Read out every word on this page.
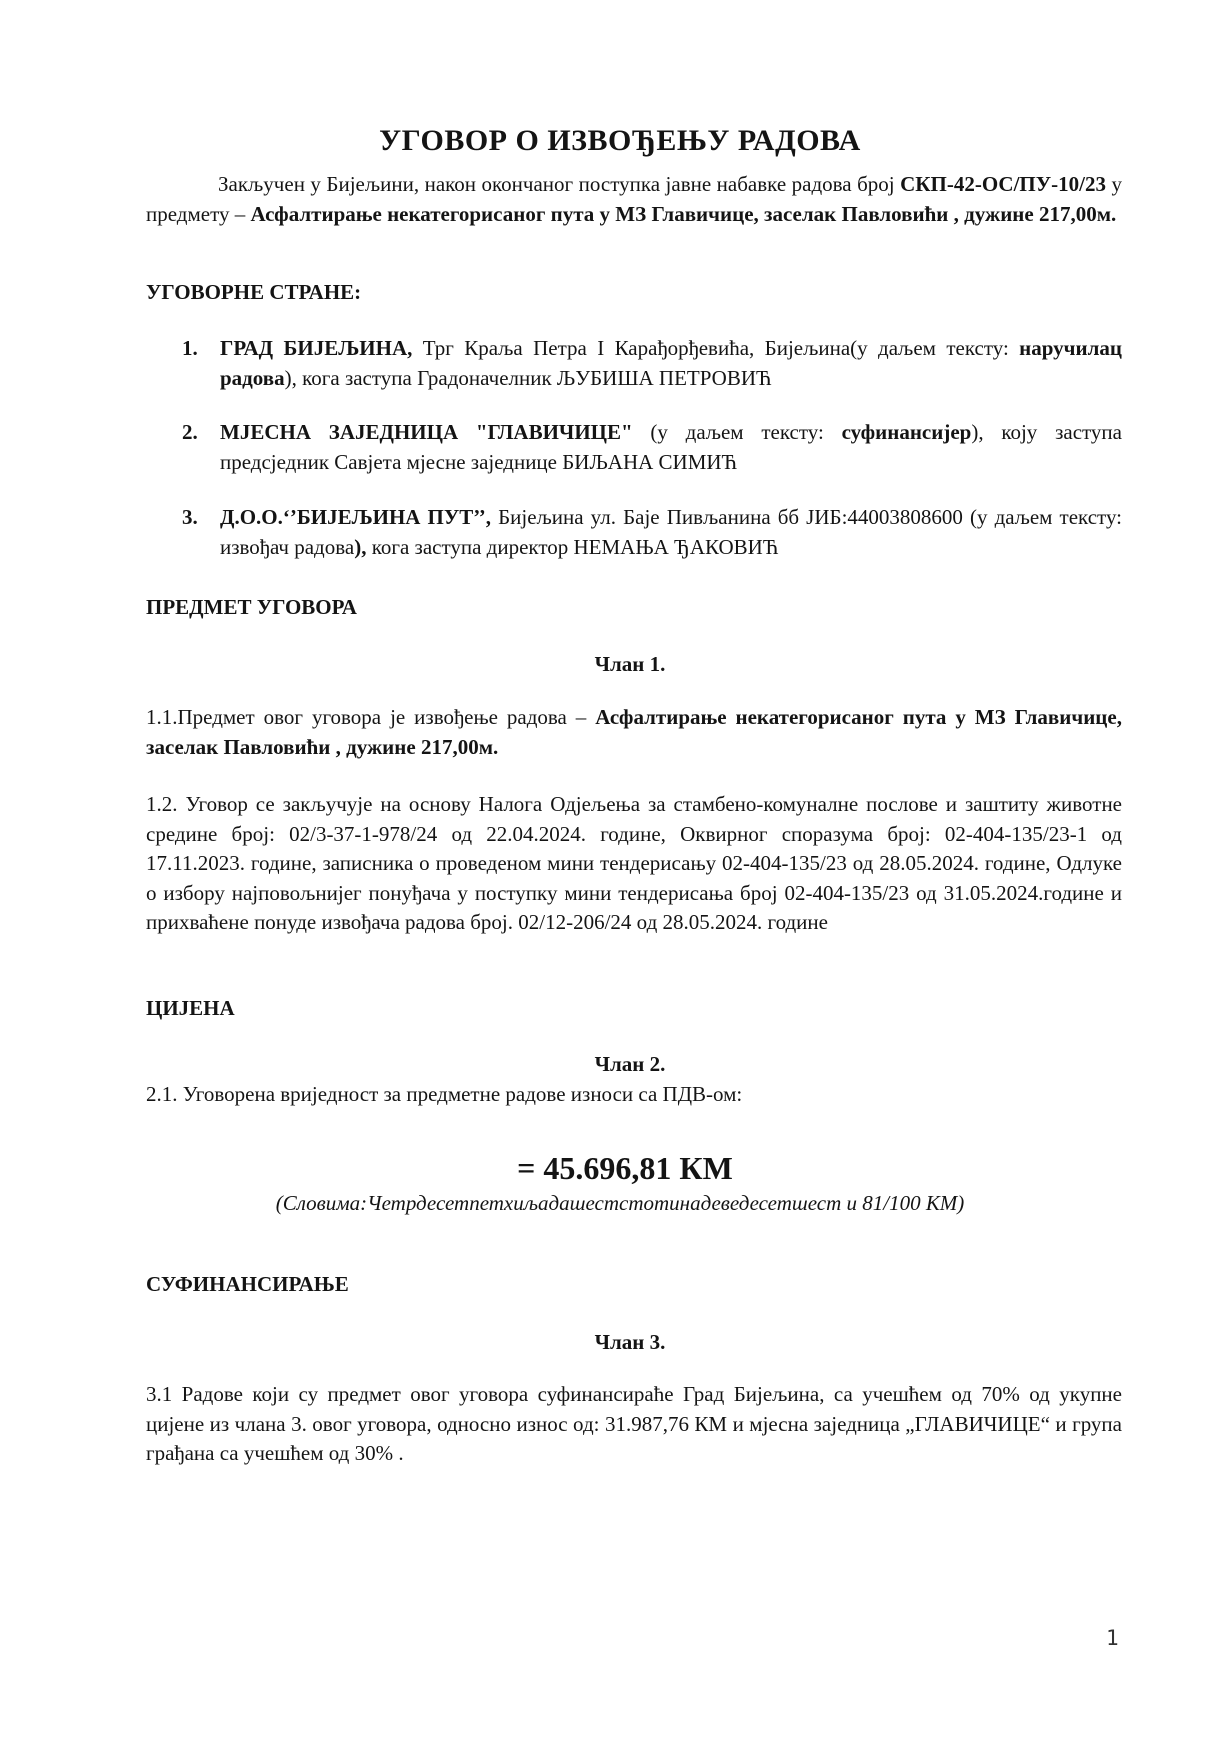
УГОВОР О ИЗВОЂЕЊУ РАДОВА
Закључен у Бијељини, након окончаног поступка јавне набавке радова број СКП-42-ОС/ПУ-10/23 у предмету – Асфалтирање некатегорисаног пута у МЗ Главичице, заселак Павловићи , дужине 217,00м.

УГОВОРНЕ СТРАНЕ:

1.	ГРАД БИЈЕЉИНА, Трг Краља Петра I Карађорђевића, Бијељина(у даљем тексту: наручилац радова), кога заступа Градоначелник ЉУБИША ПЕТРОВИЋ
2.	МЈЕСНА ЗАЈЕДНИЦА "ГЛАВИЧИЦЕ" (у даљем тексту: суфинансијер), коју заступа предсједник Савјета мјесне заједнице БИЉАНА СИМИЋ
3.	Д.О.О.‘’БИЈЕЉИНА ПУТ’’, Бијељина ул. Баје Пивљанина бб ЈИБ:44003808600 (у даљем тексту: извођач радова), кога заступа директор НЕМАЊА ЂАКОВИЋ

ПРЕДМЕТ УГОВОРА

Члан 1.

1.1.Предмет овог уговора је извођење радова – Асфалтирање некатегорисаног пута у МЗ Главичице, заселак Павловићи , дужине 217,00м.
1.2. Уговор се закључује на основу Налога Одјељења за стамбено-комуналне послове и заштиту животне средине број: 02/3-37-1-978/24 од 22.04.2024. године, Оквирног споразума број: 02-404-135/23-1 од 17.11.2023. године, записника о проведеном мини тендерисању 02-404-135/23 од 28.05.2024. године, Одлуке о избору најповољнијег понуђача у поступку мини тендерисања број 02-404-135/23 од 31.05.2024.године и прихваћене понуде извођача радова број. 02/12-206/24 од 28.05.2024. године

ЦИЈЕНА

Члан 2.

2.1. Уговорена вриједност за предметне радове износи са ПДВ-ом:

= 45.696,81 КМ

(Словима:Четрдесетпетхиљадашестстотинадеведесетшест и 81/100 КМ)

СУФИНАНСИРАЊЕ

Члан 3.

3.1 Радове који су предмет овог уговора суфинансираће Град Бијељина, са учешћем од 70% од укупне цијене из члана 3. овог уговора, односно износ од: 31.987,76 КМ и мјесна заједница „ГЛАВИЧИЦЕ“ и група грађана са учешћем од 30% .
1
